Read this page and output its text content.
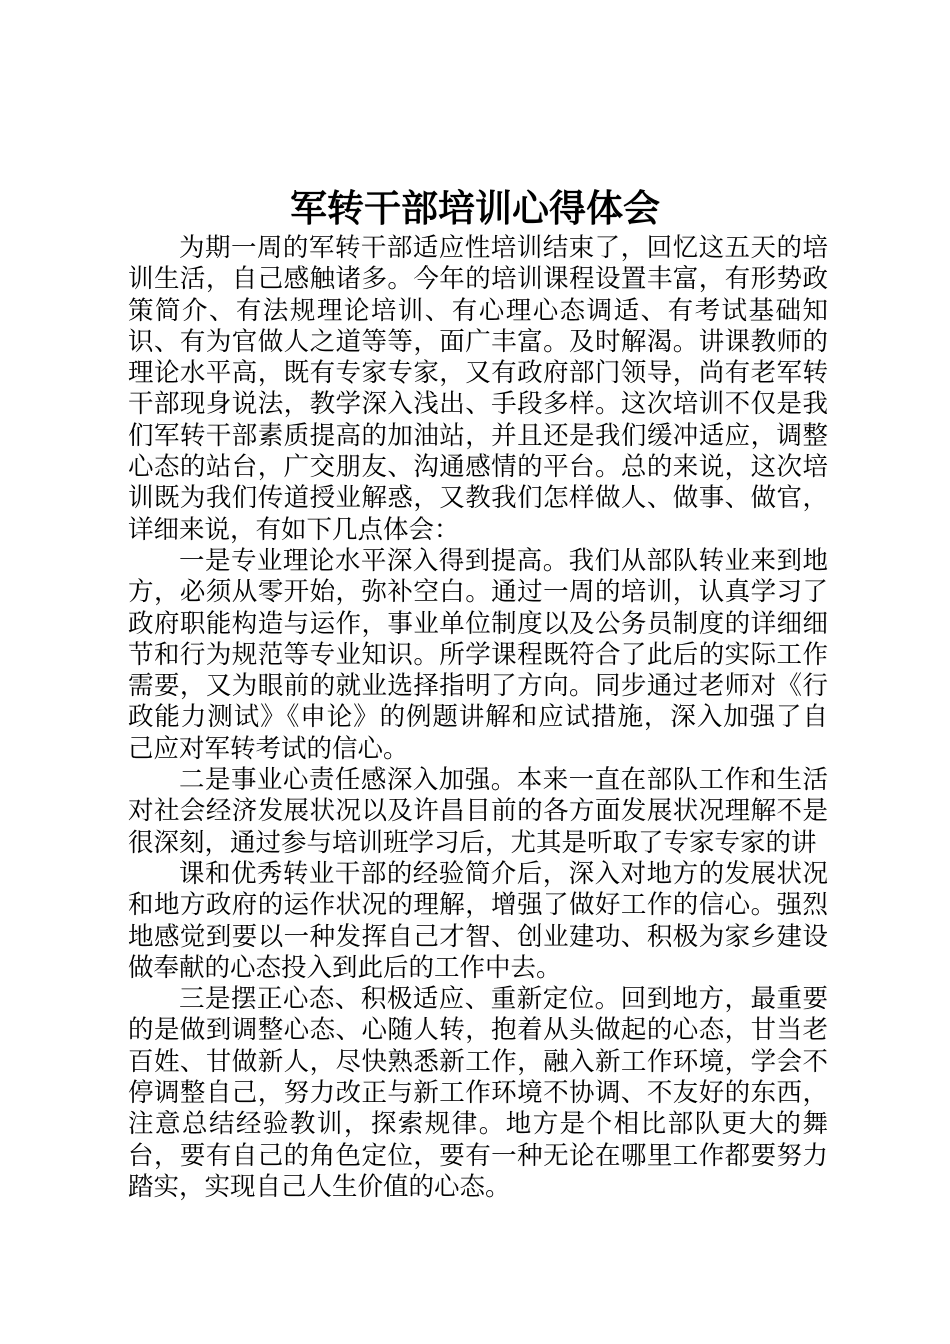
军转干部培训心得体会

为期一周的军转干部适应性培训结束了，回忆这五天的培训生活，自己感触诸多。今年的培训课程设置丰富，有形势政策简介、有法规理论培训、有心理心态调适、有考试基础知识、有为官做人之道等等，面广丰富。及时解渴。讲课教师的理论水平高，既有专家专家，又有政府部门领导，尚有老军转干部现身说法，教学深入浅出、手段多样。这次培训不仅是我们军转干部素质提高的加油站，并且还是我们缓冲适应，调整心态的站台，广交朋友、沟通感情的平台。总的来说，这次培训既为我们传道授业解惑，又教我们怎样做人、做事、做官，详细来说，有如下几点体会：

一是专业理论水平深入得到提高。我们从部队转业来到地方，必须从零开始，弥补空白。通过一周的培训，认真学习了政府职能构造与运作，事业单位制度以及公务员制度的详细细节和行为规范等专业知识。所学课程既符合了此后的实际工作需要，又为眼前的就业选择指明了方向。同步通过老师对《行政能力测试》《申论》的例题讲解和应试措施，深入加强了自己应对军转考试的信心。

二是事业心责任感深入加强。本来一直在部队工作和生活对社会经济发展状况以及许昌目前的各方面发展状况理解不是很深刻，通过参与培训班学习后，尤其是听取了专家专家的讲

课和优秀转业干部的经验简介后，深入对地方的发展状况和地方政府的运作状况的理解，增强了做好工作的信心。强烈地感觉到要以一种发挥自己才智、创业建功、积极为家乡建设做奉献的心态投入到此后的工作中去。

三是摆正心态、积极适应、重新定位。回到地方，最重要的是做到调整心态、心随人转，抱着从头做起的心态，甘当老百姓、甘做新人，尽快熟悉新工作，融入新工作环境，学会不停调整自己，努力改正与新工作环境不协调、不友好的东西，注意总结经验教训，探索规律。地方是个相比部队更大的舞台，要有自己的角色定位，要有一种无论在哪里工作都要努力踏实，实现自己人生价值的心态。
